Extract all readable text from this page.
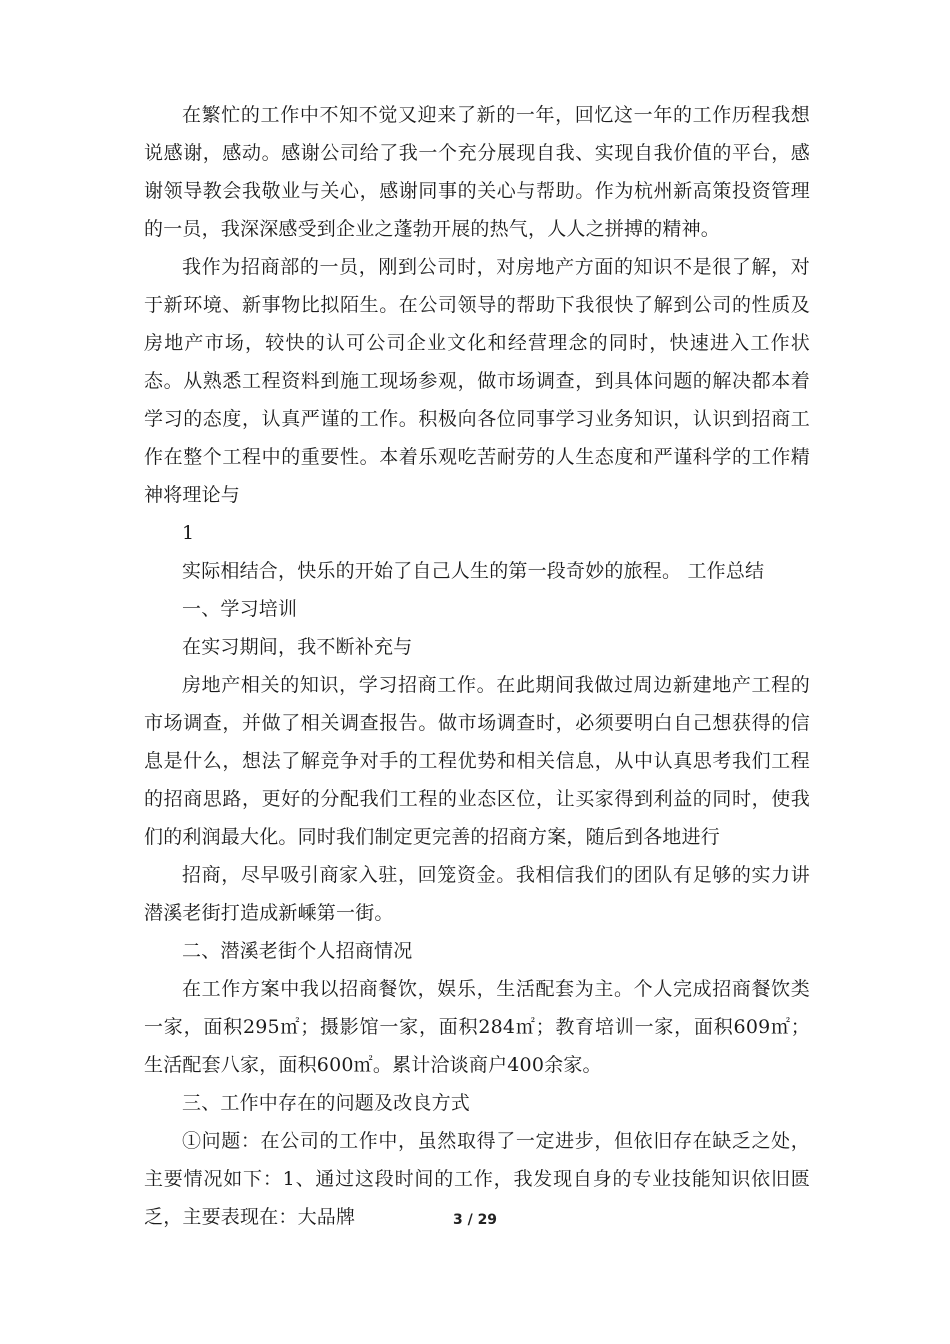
在繁忙的工作中不知不觉又迎来了新的一年，回忆这一年的工作历程我想说感谢，感动。感谢公司给了我一个充分展现自我、实现自我价值的平台，感谢领导教会我敬业与关心，感谢同事的关心与帮助。作为杭州新高策投资管理的一员，我深深感受到企业之蓬勃开展的热气，人人之拼搏的精神。

我作为招商部的一员，刚到公司时，对房地产方面的知识不是很了解，对于新环境、新事物比拟陌生。在公司领导的帮助下我很快了解到公司的性质及房地产市场，较快的认可公司企业文化和经营理念的同时，快速进入工作状态。从熟悉工程资料到施工现场参观，做市场调查，到具体问题的解决都本着学习的态度，认真严谨的工作。积极向各位同事学习业务知识，认识到招商工作在整个工程中的重要性。本着乐观吃苦耐劳的人生态度和严谨科学的工作精神将理论与

1

实际相结合，快乐的开始了自己人生的第一段奇妙的旅程。 工作总结

一、学习培训

在实习期间，我不断补充与

房地产相关的知识，学习招商工作。在此期间我做过周边新建地产工程的市场调查，并做了相关调查报告。做市场调查时，必须要明白自己想获得的信息是什么，想法了解竞争对手的工程优势和相关信息，从中认真思考我们工程的招商思路，更好的分配我们工程的业态区位，让买家得到利益的同时，使我们的利润最大化。同时我们制定更完善的招商方案，随后到各地进行

招商，尽早吸引商家入驻，回笼资金。我相信我们的团队有足够的实力讲潜溪老街打造成新嵊第一街。

二、潜溪老街个人招商情况

在工作方案中我以招商餐饮，娱乐，生活配套为主。个人完成招商餐饮类一家，面积295㎡；摄影馆一家，面积284㎡；教育培训一家，面积609㎡；生活配套八家，面积600㎡。累计洽谈商户400余家。

三、工作中存在的问题及改良方式

①问题：在公司的工作中，虽然取得了一定进步，但依旧存在缺乏之处，主要情况如下：1、通过这段时间的工作，我发现自身的专业技能知识依旧匮乏，主要表现在：大品牌	3 / 29
